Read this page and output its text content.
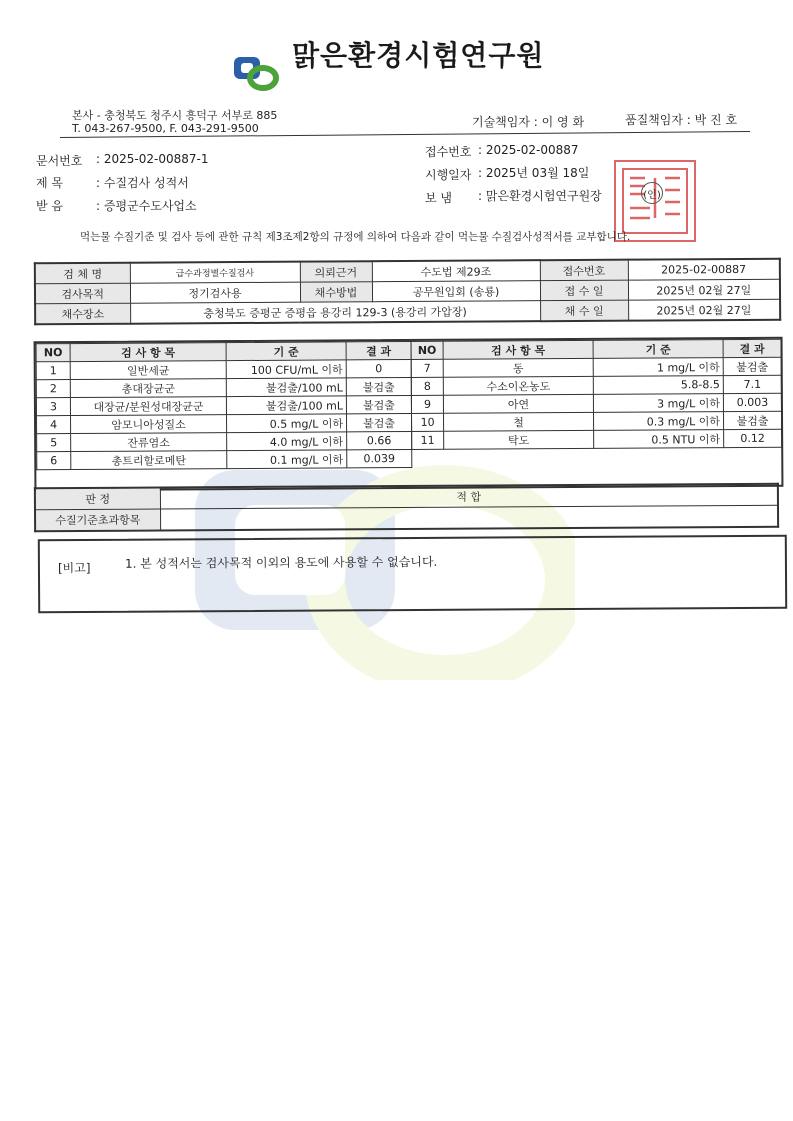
맑은환경시험연구원
본사 - 충청북도 청주시 흥덕구 서부로 885
T. 043-267-9500, F. 043-291-9500	기술책임자 : 이 영 화	품질책임자 : 박 진 호
문서번호 : 2025-02-00887-1
제 목	: 수질검사 성적서
받 음	: 증평군수도사업소
접수번호 : 2025-02-00887
시행일자 : 2025년 03월 18일
보 냄 : 맑은환경시험연구원장	(인)
먹는물 수질기준 및 검사 등에 관한 규칙 제3조제2항의 규정에 의하여 다음과 같이 먹는물 수질검사성적서를 교부합니다.
검 체 명	급수과정별수질검사	의뢰근거	수도법 제29조	접수번호	2025-02-00887
검사목적	정기검사용	채수방법	공무원입회 (송룡)	접 수 일	2025년 02월 27일
채수장소	충청북도 증평군 증평읍 용강리 129-3 (용강리 가압장)			채 수 일	2025년 02월 27일
NO	검 사 항 목	기 준	결 과
1	일반세균	100 CFU/mL 이하	0
2	총대장균군	불검출/100 mL	불검출
3	대장균/분원성대장균군	불검출/100 mL	불검출
4	암모니아성질소	0.5 mg/L 이하	불검출
5	잔류염소	4.0 mg/L 이하	0.66
6	총트리할로메탄	0.1 mg/L 이하	0.039
NO	검 사 항 목	기 준	결 과
7	동	1 mg/L 이하	불검출
8	수소이온농도	5.8-8.5	7.1
9	아연	3 mg/L 이하	0.003
10	철	0.3 mg/L 이하	불검출
11	탁도	0.5 NTU 이하	0.12
판 정	적 합
수질기준초과항목	
[비고]	1. 본 성적서는 검사목적 이외의 용도에 사용할 수 없습니다.
